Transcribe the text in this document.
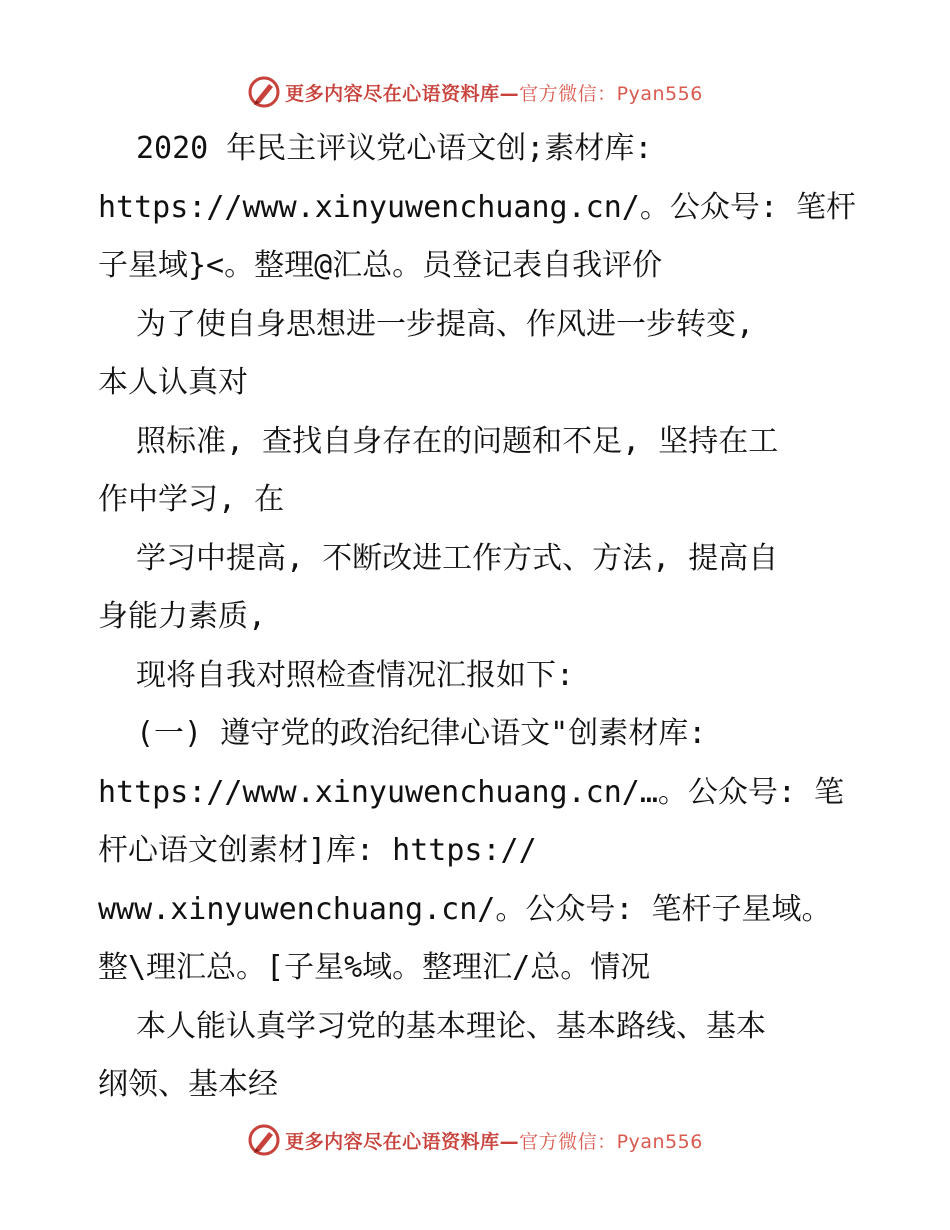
更多内容尽在心语资料库—官方微信：Pyan556
2020 年民主评议党心语文创;素材库:
https://www.xinyuwenchuang.cn/。公众号: 笔杆
子星域}<。整理@汇总。员登记表自我评价
为了使自身思想进一步提高、作风进一步转变,
本人认真对
照标准, 查找自身存在的问题和不足, 坚持在工
作中学习, 在
学习中提高, 不断改进工作方式、方法, 提高自
身能力素质,
现将自我对照检查情况汇报如下:
(一) 遵守党的政治纪律心语文"创素材库:
https://www.xinyuwenchuang.cn/…。公众号: 笔
杆心语文创素材]库: https://
www.xinyuwenchuang.cn/。公众号: 笔杆子星域。
整\理汇总。[子星%域。整理汇/总。情况
本人能认真学习党的基本理论、基本路线、基本
纲领、基本经
更多内容尽在心语资料库—官方微信：Pyan556
